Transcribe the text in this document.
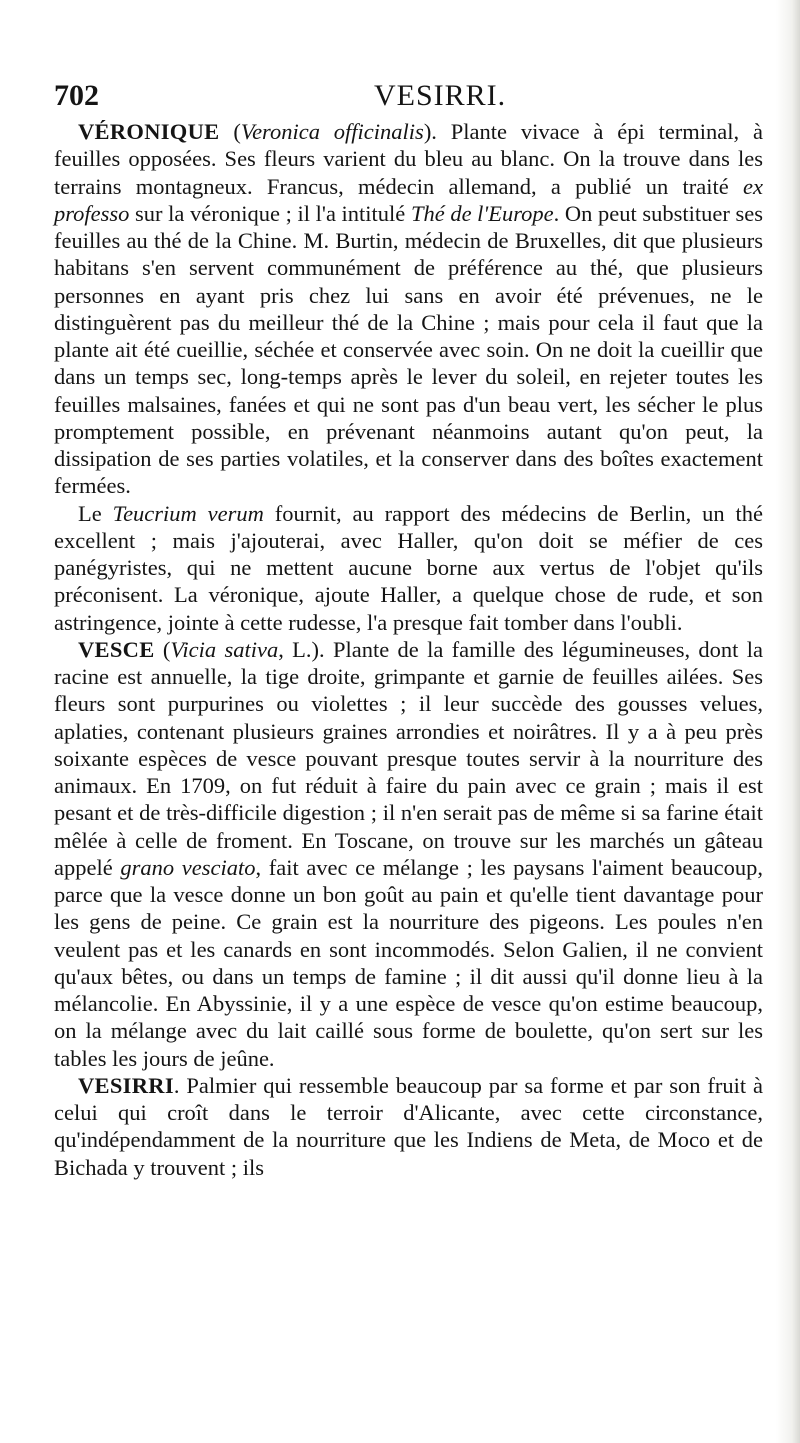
702	VESIRRI.

VÉRONIQUE (Veronica officinalis). Plante vivace à épi terminal, à feuilles opposées. Ses fleurs varient du bleu au blanc. On la trouve dans les terrains montagneux. Francus, médecin allemand, a publié un traité ex professo sur la véronique ; il l'a intitulé Thé de l'Europe. On peut substituer ses feuilles au thé de la Chine. M. Burtin, médecin de Bruxelles, dit que plusieurs habitans s'en servent communément de préférence au thé, que plusieurs personnes en ayant pris chez lui sans en avoir été prévenues, ne le distinguèrent pas du meilleur thé de la Chine ; mais pour cela il faut que la plante ait été cueillie, séchée et conservée avec soin. On ne doit la cueillir que dans un temps sec, long-temps après le lever du soleil, en rejeter toutes les feuilles malsaines, fanées et qui ne sont pas d'un beau vert, les sécher le plus promptement possible, en prévenant néanmoins autant qu'on peut, la dissipation de ses parties volatiles, et la conserver dans des boîtes exactement fermées.

Le Teucrium verum fournit, au rapport des médecins de Berlin, un thé excellent ; mais j'ajouterai, avec Haller, qu'on doit se méfier de ces panégyristes, qui ne mettent aucune borne aux vertus de l'objet qu'ils préconisent. La véronique, ajoute Haller, a quelque chose de rude, et son astringence, jointe à cette rudesse, l'a presque fait tomber dans l'oubli.

VESCE (Vicia sativa, L.). Plante de la famille des légumineuses, dont la racine est annuelle, la tige droite, grimpante et garnie de feuilles ailées. Ses fleurs sont purpurines ou violettes ; il leur succède des gousses velues, aplaties, contenant plusieurs graines arrondies et noirâtres. Il y a à peu près soixante espèces de vesce pouvant presque toutes servir à la nourriture des animaux. En 1709, on fut réduit à faire du pain avec ce grain ; mais il est pesant et de très-difficile digestion ; il n'en serait pas de même si sa farine était mêlée à celle de froment. En Toscane, on trouve sur les marchés un gâteau appelé grano vesciato, fait avec ce mélange ; les paysans l'aiment beaucoup, parce que la vesce donne un bon goût au pain et qu'elle tient davantage pour les gens de peine. Ce grain est la nourriture des pigeons. Les poules n'en veulent pas et les canards en sont incommodés. Selon Galien, il ne convient qu'aux bêtes, ou dans un temps de famine ; il dit aussi qu'il donne lieu à la mélancolie. En Abyssinie, il y a une espèce de vesce qu'on estime beaucoup, on la mélange avec du lait caillé sous forme de boulette, qu'on sert sur les tables les jours de jeûne.

VESIRRI. Palmier qui ressemble beaucoup par sa forme et par son fruit à celui qui croît dans le terroir d'Alicante, avec cette circonstance, qu'indépendamment de la nourriture que les Indiens de Meta, de Moco et de Bichada y trouvent ; ils
